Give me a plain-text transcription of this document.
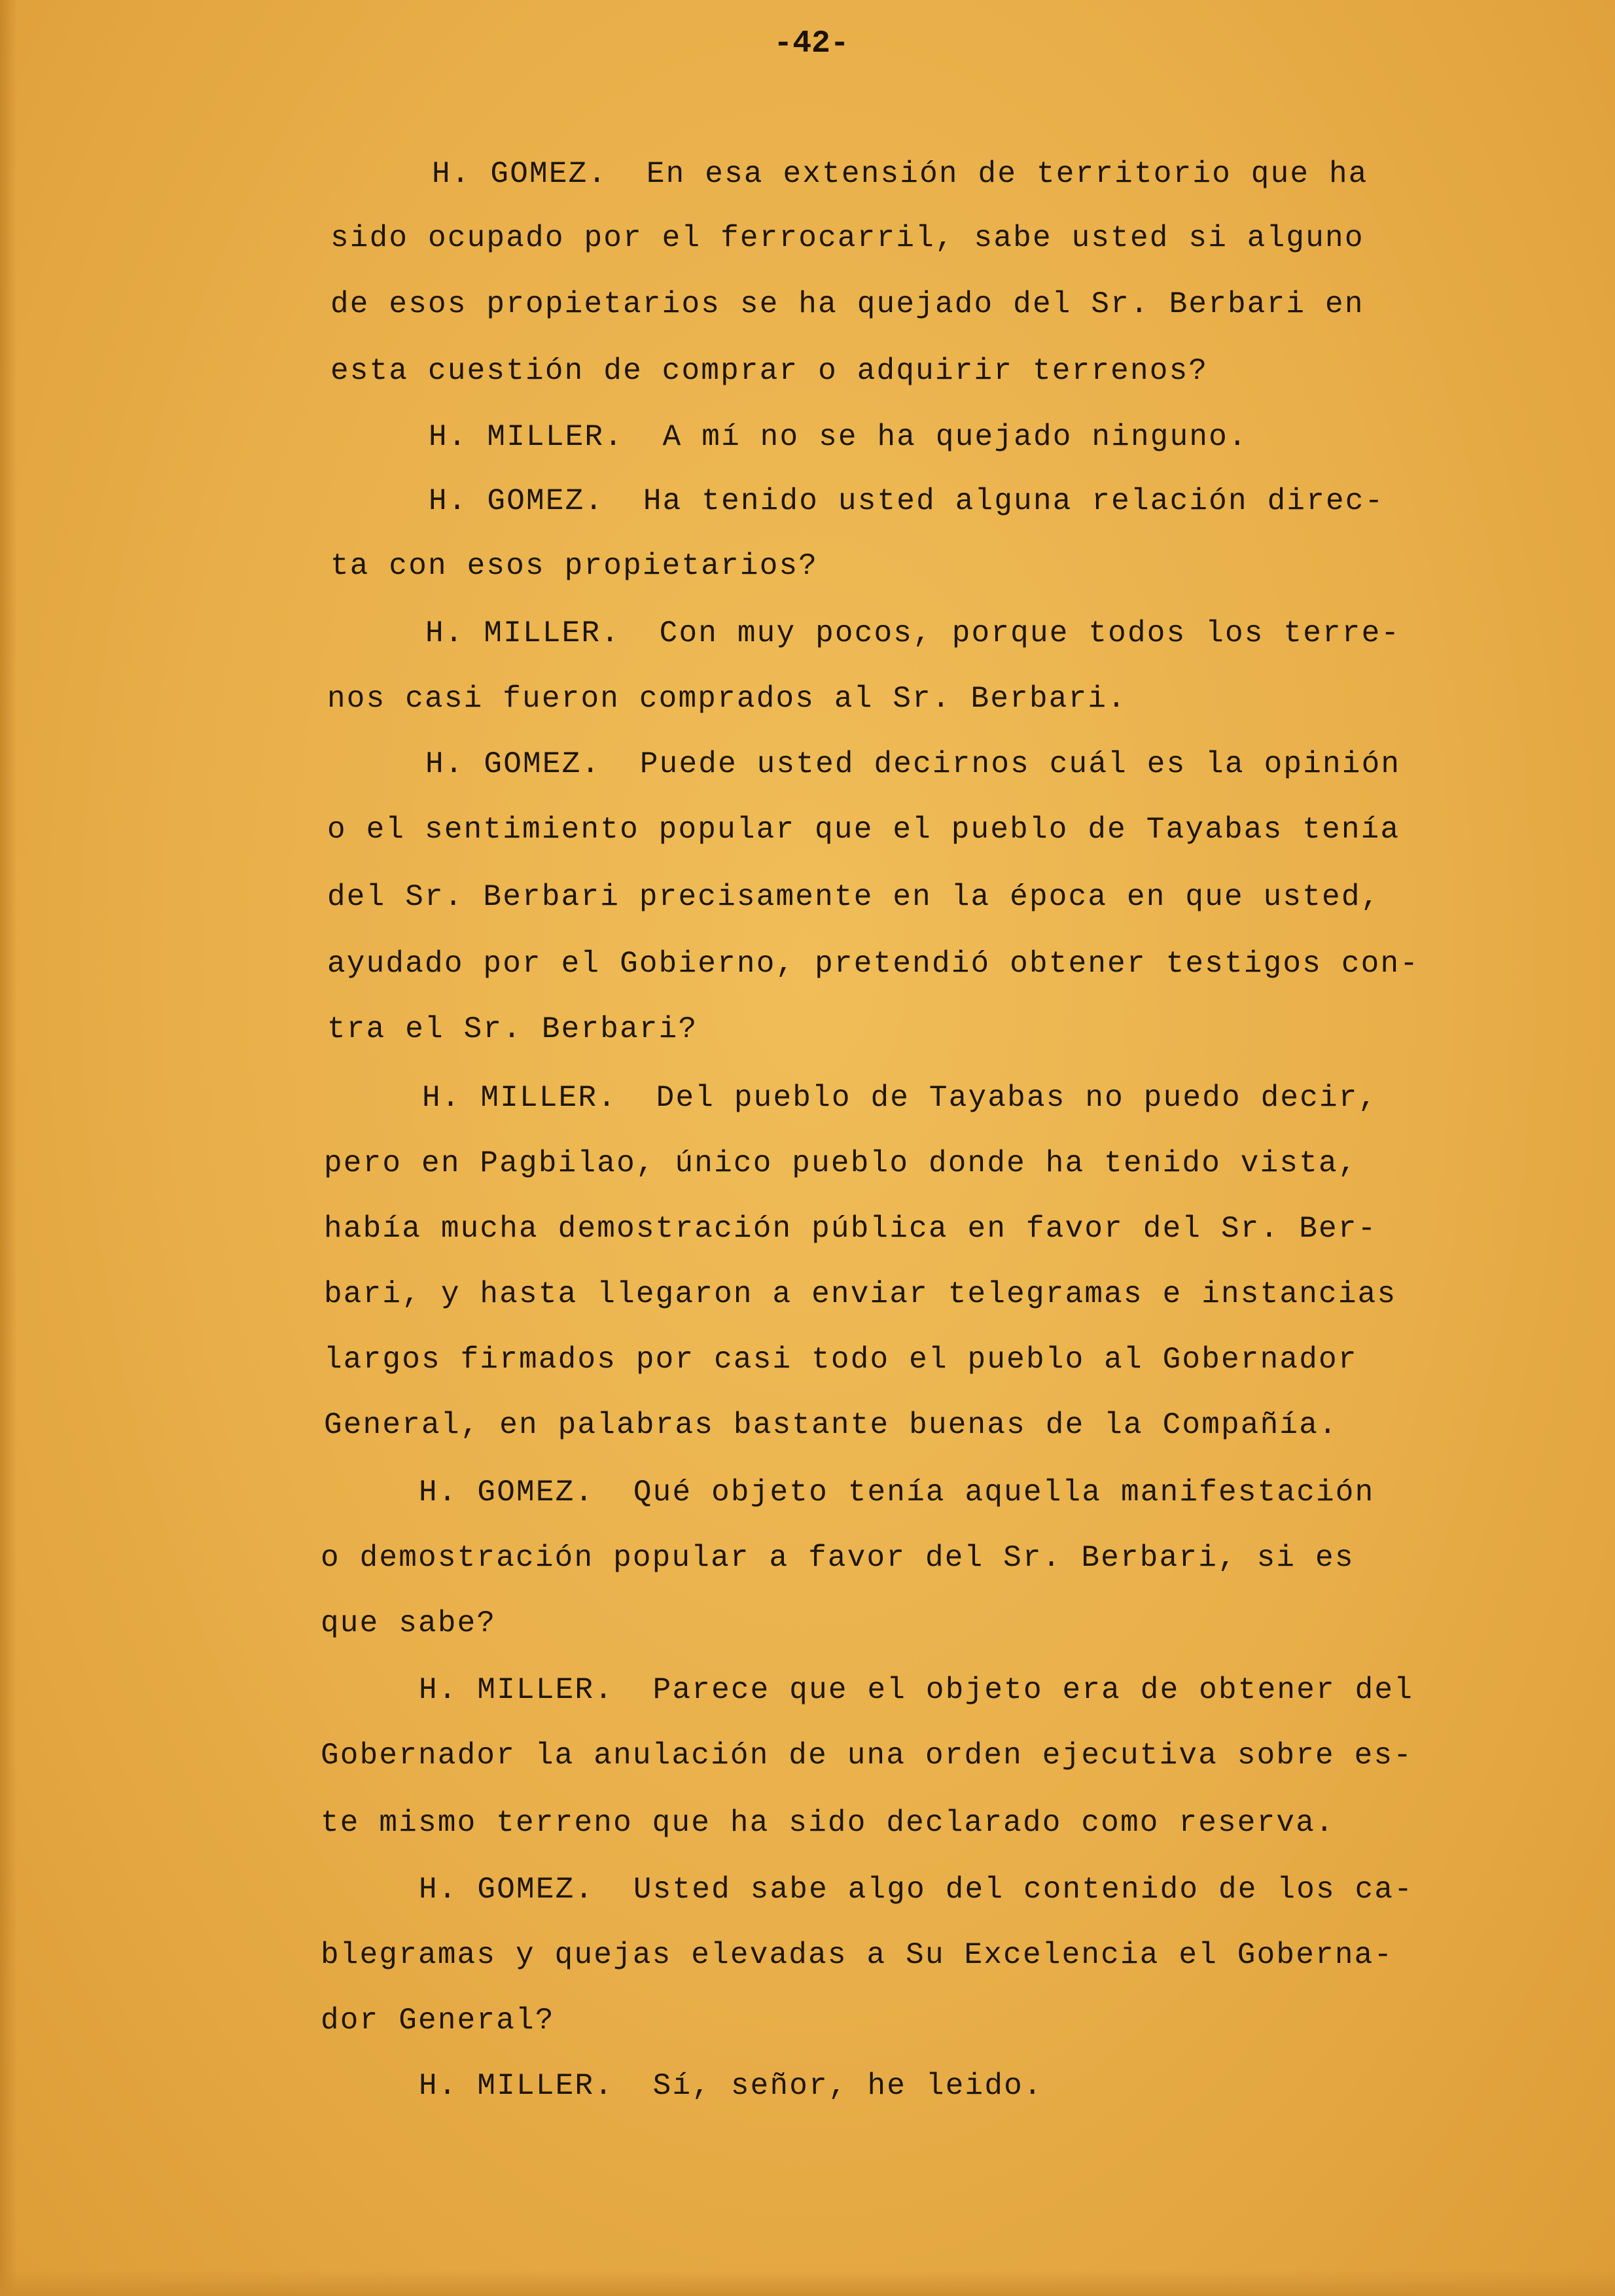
-42-

H. GOMEZ.  En esa extensión de territorio que ha

sido ocupado por el ferrocarril, sabe usted si alguno

de esos propietarios se ha quejado del Sr. Berbari en

esta cuestión de comprar o adquirir terrenos?

H. MILLER.  A mí no se ha quejado ninguno.

H. GOMEZ.  Ha tenido usted alguna relación direc-

ta con esos propietarios?

H. MILLER.  Con muy pocos, porque todos los terre-

nos casi fueron comprados al Sr. Berbari.

H. GOMEZ.  Puede usted decirnos cuál es la opinión

o el sentimiento popular que el pueblo de Tayabas tenía

del Sr. Berbari precisamente en la época en que usted,

ayudado por el Gobierno, pretendió obtener testigos con-

tra el Sr. Berbari?

H. MILLER.  Del pueblo de Tayabas no puedo decir,

pero en Pagbilao, único pueblo donde ha tenido vista,

había mucha demostración pública en favor del Sr. Ber-

bari, y hasta llegaron a enviar telegramas e instancias

largos firmados por casi todo el pueblo al Gobernador

General, en palabras bastante buenas de la Compañía.

H. GOMEZ.  Qué objeto tenía aquella manifestación

o demostración popular a favor del Sr. Berbari, si es

que sabe?

H. MILLER.  Parece que el objeto era de obtener del

Gobernador la anulación de una orden ejecutiva sobre es-

te mismo terreno que ha sido declarado como reserva.

H. GOMEZ.  Usted sabe algo del contenido de los ca-

blegramas y quejas elevadas a Su Excelencia el Goberna-

dor General?

H. MILLER.  Sí, señor, he leido.
